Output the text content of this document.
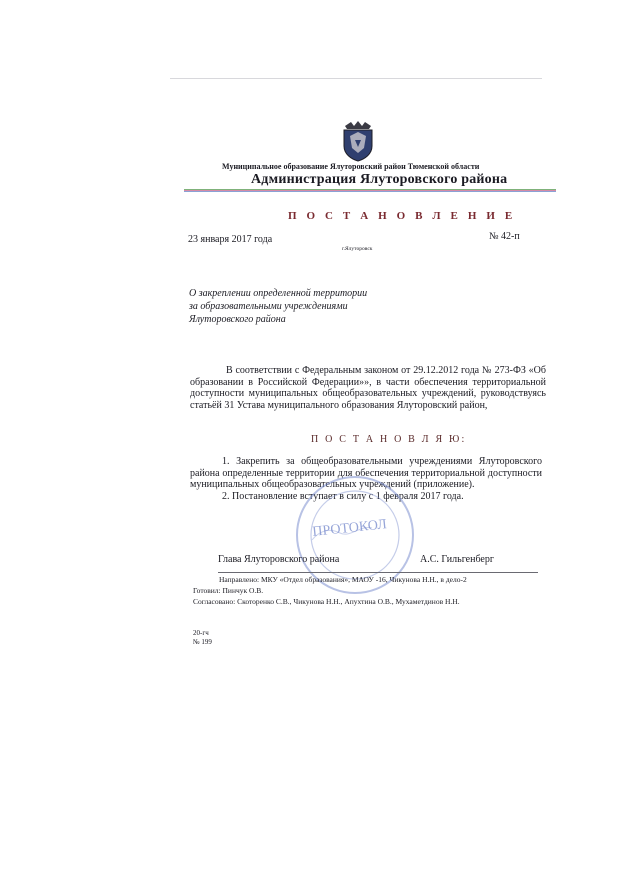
Муниципальное образование Ялуторовский район Тюменской области
Администрация Ялуторовского района
П О С Т А Н О В Л Е Н И Е
23 января 2017 года	№ 42-п
г.Ялуторовск
О закреплении определенной территории
за образовательными учреждениями
Ялуторовского района
В соответствии с Федеральным законом от 29.12.2012 года № 273-ФЗ «Об образовании в Российской Федерации»», в части обеспечения территориальной доступности муниципальных общеобразовательных учреждений, руководствуясь статьёй 31 Устава муниципального образования Ялуторовский район,
П О С Т А Н О В Л Я Ю:

1. Закрепить за общеобразовательными учреждениями Ялуторовского района определенные территории для обеспечения территориальной доступности муниципальных общеобразовательных учреждений (приложение).

2. Постановление вступает в силу с 1 февраля 2017 года.

ПРОТОКОЛ
Глава Ялуторовского района	А.С. Гильгенберг
Направлено: МКУ «Отдел образования», МАОУ -16, Чикунова Н.Н., в дело-2
Готовил: Пинчук О.В.
Согласовано: Скоторенко С.В., Чикунова Н.Н., Апухтина О.В., Мухаметдинов Н.Н.
20-гч
№ 199
